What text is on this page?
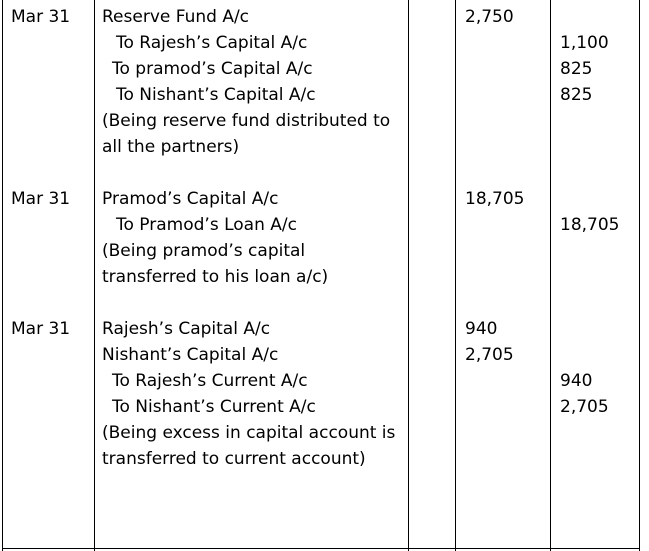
Mar 31 Reserve Fund A/c
To Rajesh’s Capital A/c
To pramod’s Capital A/c
To Nishant’s Capital A/c
(Being reserve fund distributed to
all the partners)
2,750
1,100
825
825
Mar 31 Pramod’s Capital A/c
To Pramod’s Loan A/c
(Being pramod’s capital
transferred to his loan a/c)
18,705
18,705
Mar 31 Rajesh’s Capital A/c
Nishant’s Capital A/c
To Rajesh’s Current A/c
To Nishant’s Current A/c
(Being excess in capital account is
transferred to current account)
940
2,705
940
2,705
